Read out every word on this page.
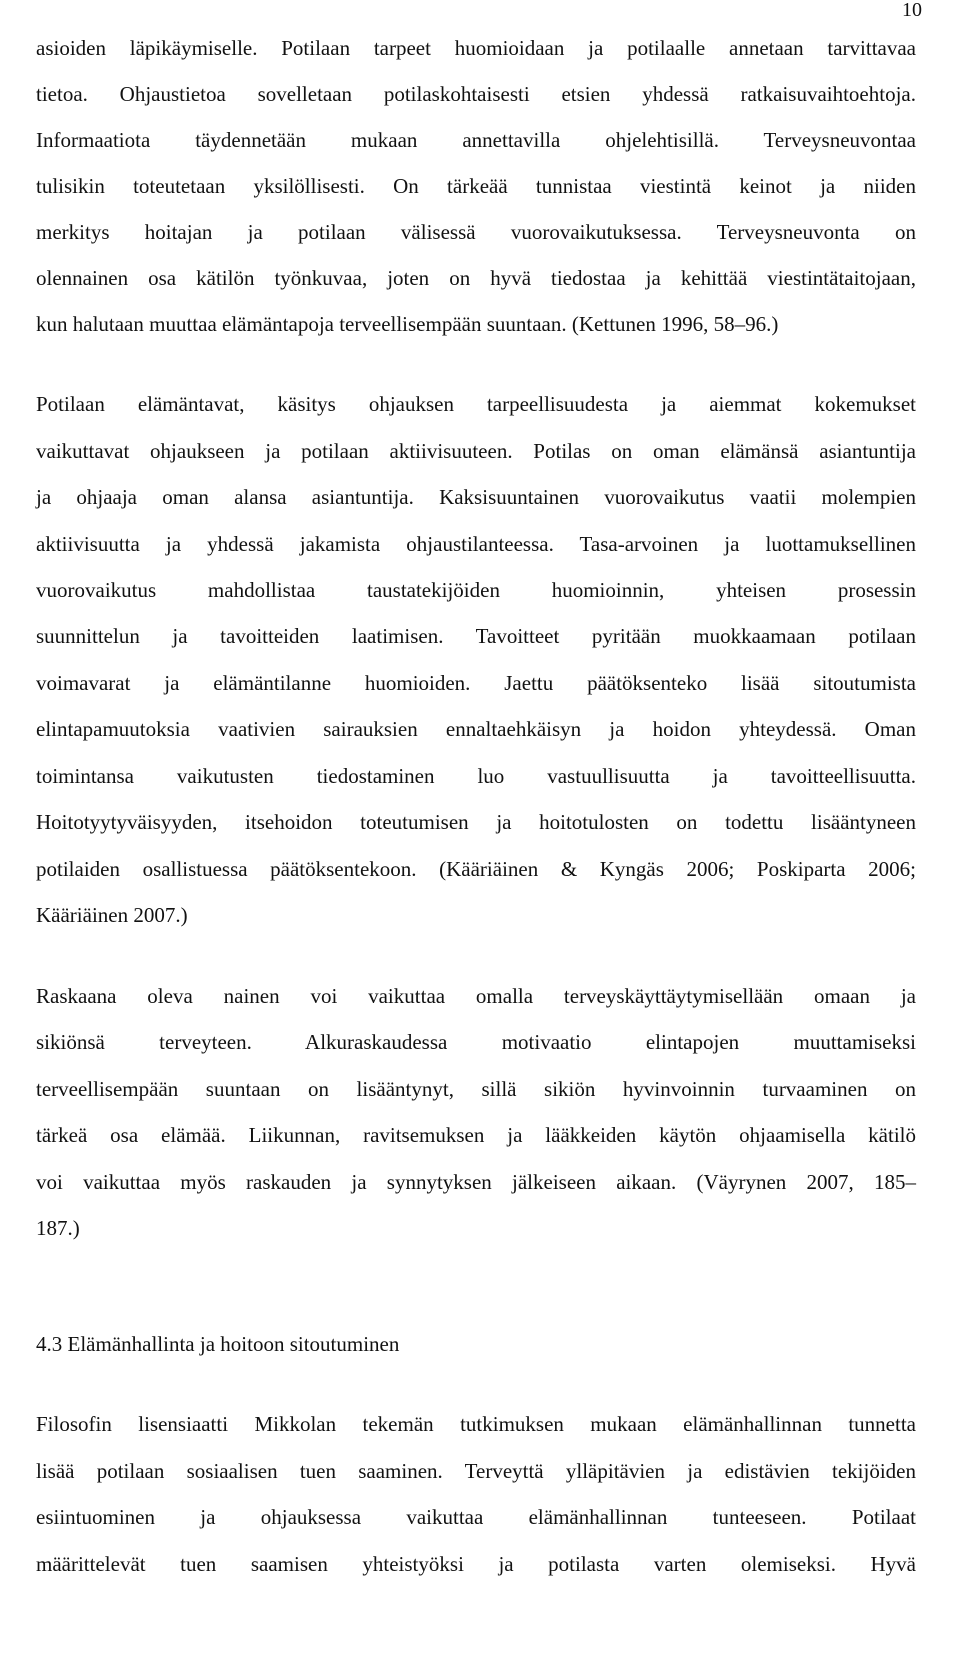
10
asioiden läpikäymiselle. Potilaan tarpeet huomioidaan ja potilaalle annetaan tarvittavaa
tietoa. Ohjaustietoa sovelletaan potilaskohtaisesti etsien yhdessä ratkaisuvaihtoehtoja.
Informaatiota täydennetään mukaan annettavilla ohjelehtisillä. Terveysneuvontaa
tulisikin toteutetaan yksilöllisesti. On tärkeää tunnistaa viestintä keinot ja niiden
merkitys hoitajan ja potilaan välisessä vuorovaikutuksessa. Terveysneuvonta on
olennainen osa kätilön työnkuvaa, joten on hyvä tiedostaa ja kehittää viestintätaitojaan,
kun halutaan muuttaa elämäntapoja terveellisempään suuntaan. (Kettunen 1996, 58–96.)
Potilaan elämäntavat, käsitys ohjauksen tarpeellisuudesta ja aiemmat kokemukset
vaikuttavat ohjaukseen ja potilaan aktiivisuuteen. Potilas on oman elämänsä asiantuntija
ja ohjaaja oman alansa asiantuntija. Kaksisuuntainen vuorovaikutus vaatii molempien
aktiivisuutta ja yhdessä jakamista ohjaustilanteessa. Tasa-arvoinen ja luottamuksellinen
vuorovaikutus mahdollistaa taustatekijöiden huomioinnin, yhteisen prosessin
suunnittelun ja tavoitteiden laatimisen. Tavoitteet pyritään muokkaamaan potilaan
voimavarat ja elämäntilanne huomioiden. Jaettu päätöksenteko lisää sitoutumista
elintapamuutoksia vaativien sairauksien ennaltaehkäisyn ja hoidon yhteydessä. Oman
toimintansa vaikutusten tiedostaminen luo vastuullisuutta ja tavoitteellisuutta.
Hoitotyytyväisyyden, itsehoidon toteutumisen ja hoitotulosten on todettu lisääntyneen
potilaiden osallistuessa päätöksentekoon. (Kääriäinen & Kyngäs 2006; Poskiparta 2006;
Kääriäinen 2007.)
Raskaana oleva nainen voi vaikuttaa omalla terveyskäyttäytymisellään omaan ja
sikiönsä terveyteen. Alkuraskaudessa motivaatio elintapojen muuttamiseksi
terveellisempään suuntaan on lisääntynyt, sillä sikiön hyvinvoinnin turvaaminen on
tärkeä osa elämää. Liikunnan, ravitsemuksen ja lääkkeiden käytön ohjaamisella kätilö
voi vaikuttaa myös raskauden ja synnytyksen jälkeiseen aikaan. (Väyrynen 2007, 185–
187.)
4.3 Elämänhallinta ja hoitoon sitoutuminen
Filosofin lisensiaatti Mikkolan tekemän tutkimuksen mukaan elämänhallinnan tunnetta
lisää potilaan sosiaalisen tuen saaminen. Terveyttä ylläpitävien ja edistävien tekijöiden
esiintuominen ja ohjauksessa vaikuttaa elämänhallinnan tunteeseen. Potilaat
määrittelevät tuen saamisen yhteistyöksi ja potilasta varten olemiseksi. Hyvä
